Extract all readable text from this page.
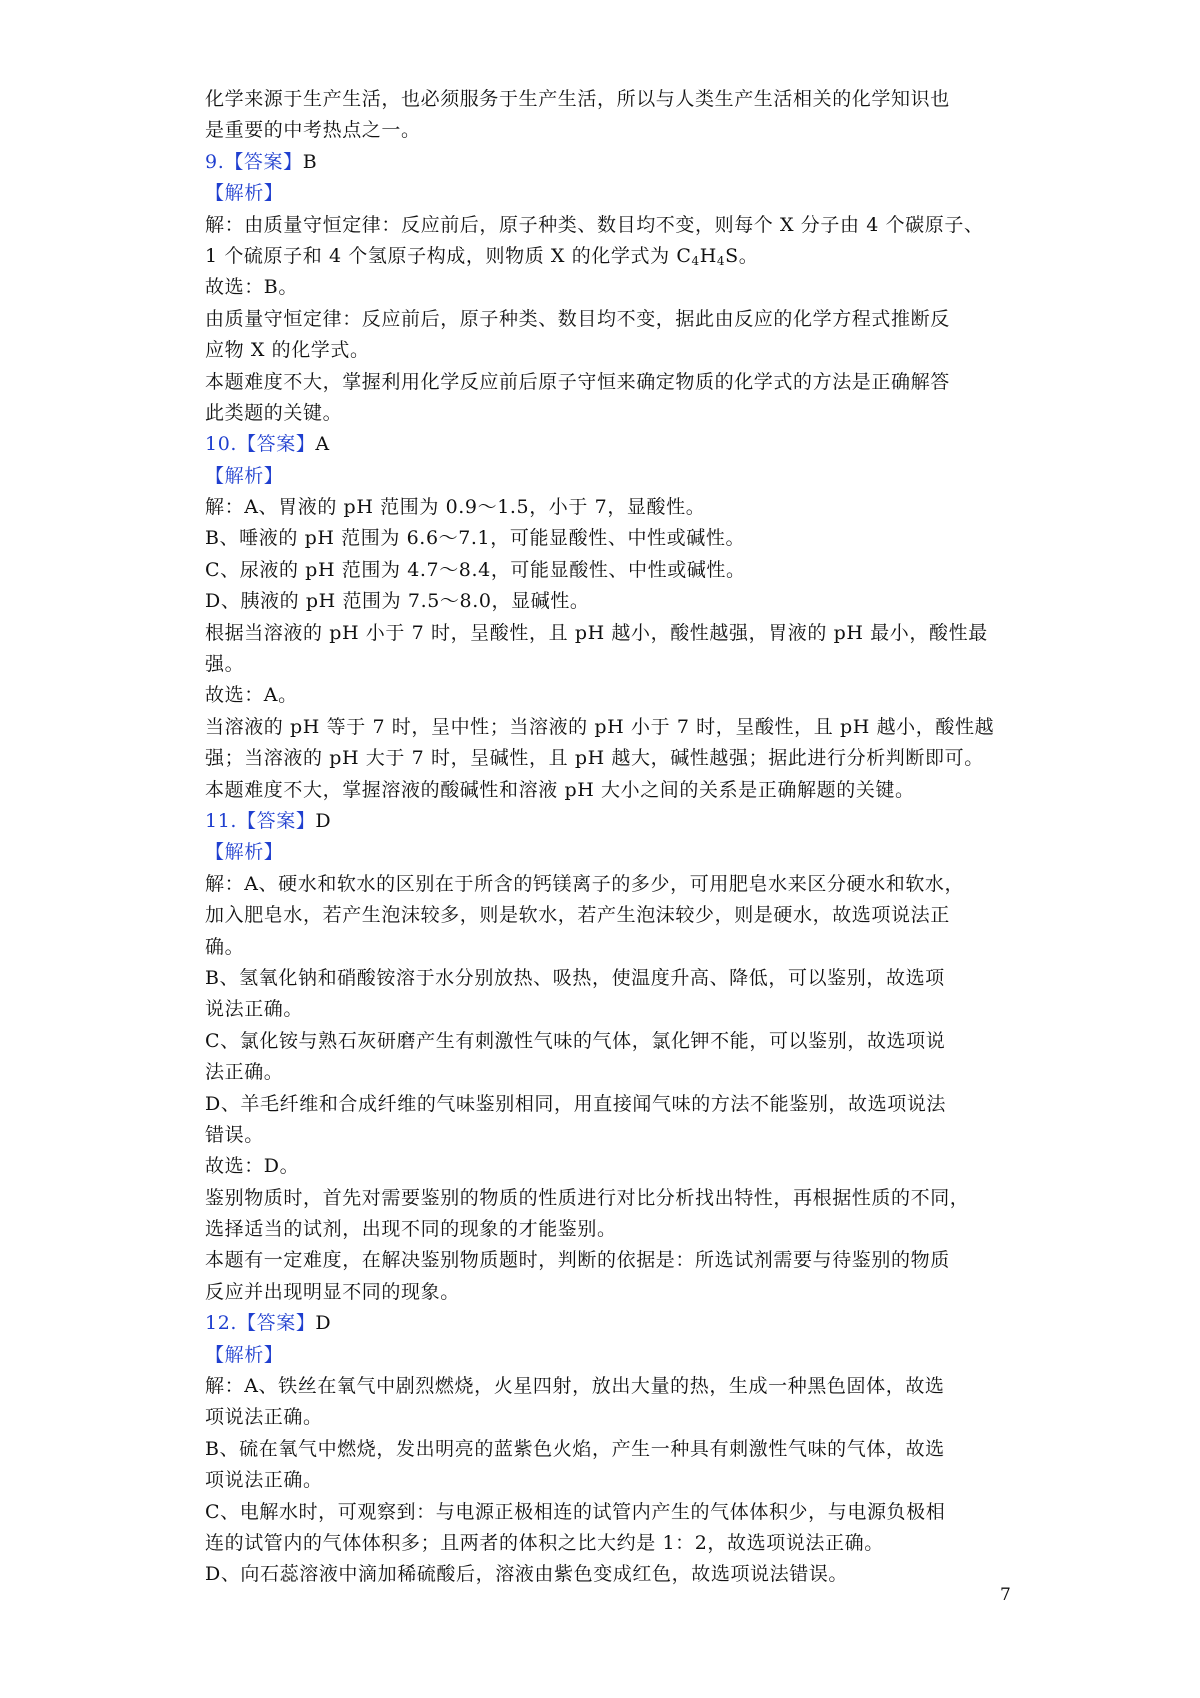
化学来源于生产生活，也必须服务于生产生活，所以与人类生产生活相关的化学知识也
是重要的中考热点之一。
9.【答案】B
【解析】
解：由质量守恒定律：反应前后，原子种类、数目均不变，则每个 X 分子由 4 个碳原子、
1 个硫原子和 4 个氢原子构成，则物质 X 的化学式为 $C_4H_4S$。
故选：B。
由质量守恒定律：反应前后，原子种类、数目均不变，据此由反应的化学方程式推断反
应物 X 的化学式。
本题难度不大，掌握利用化学反应前后原子守恒来确定物质的化学式的方法是正确解答
此类题的关键。
10.【答案】A
【解析】
解：A、胃液的 pH 范围为 0.9～1.5，小于 7，显酸性。
B、唾液的 pH 范围为 6.6～7.1，可能显酸性、中性或碱性。
C、尿液的 pH 范围为 4.7～8.4，可能显酸性、中性或碱性。
D、胰液的 pH 范围为 7.5～8.0，显碱性。
根据当溶液的 pH 小于 7 时，呈酸性，且 pH 越小，酸性越强，胃液的 pH 最小，酸性最
强。
故选：A。
当溶液的 pH 等于 7 时，呈中性；当溶液的 pH 小于 7 时，呈酸性，且 pH 越小，酸性越
强；当溶液的 pH 大于 7 时，呈碱性，且 pH 越大，碱性越强；据此进行分析判断即可。
本题难度不大，掌握溶液的酸碱性和溶液 pH 大小之间的关系是正确解题的关键。
11.【答案】D
【解析】
解：A、硬水和软水的区别在于所含的钙镁离子的多少，可用肥皂水来区分硬水和软水，
加入肥皂水，若产生泡沫较多，则是软水，若产生泡沫较少，则是硬水，故选项说法正
确。
B、氢氧化钠和硝酸铵溶于水分别放热、吸热，使温度升高、降低，可以鉴别，故选项
说法正确。
C、氯化铵与熟石灰研磨产生有刺激性气味的气体，氯化钾不能，可以鉴别，故选项说
法正确。
D、羊毛纤维和合成纤维的气味鉴别相同，用直接闻气味的方法不能鉴别，故选项说法
错误。
故选：D。
鉴别物质时，首先对需要鉴别的物质的性质进行对比分析找出特性，再根据性质的不同，
选择适当的试剂，出现不同的现象的才能鉴别。
本题有一定难度，在解决鉴别物质题时，判断的依据是：所选试剂需要与待鉴别的物质
反应并出现明显不同的现象。
12.【答案】D
【解析】
解：A、铁丝在氧气中剧烈燃烧，火星四射，放出大量的热，生成一种黑色固体，故选
项说法正确。
B、硫在氧气中燃烧，发出明亮的蓝紫色火焰，产生一种具有刺激性气味的气体，故选
项说法正确。
C、电解水时，可观察到：与电源正极相连的试管内产生的气体体积少，与电源负极相
连的试管内的气体体积多；且两者的体积之比大约是 1：2，故选项说法正确。
D、向石蕊溶液中滴加稀硫酸后，溶液由紫色变成红色，故选项说法错误。
7
